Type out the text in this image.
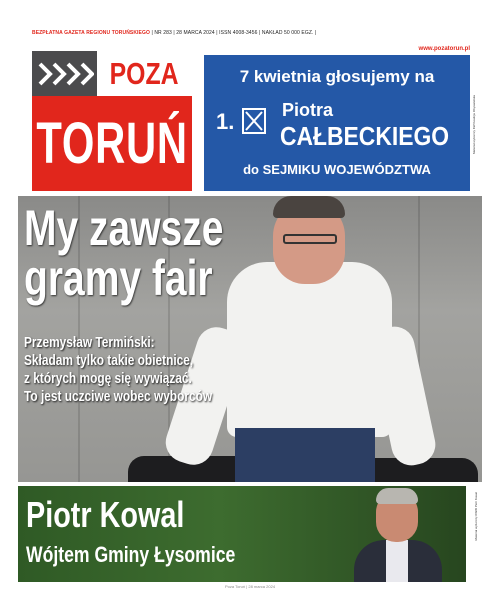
BEZPŁATNA GAZETA REGIONU TORUŃSKIEGO | NR 283 | 28 MARCA 2024 | ISSN 4008-3456 | NAKŁAD 50 000 EGZ. |
POZA
TORUŃ
www.pozatorun.pl
7 kwietnia głosujemy na
1.	Piotra
CAŁBECKIEGO
do SEJMIKU WOJEWÓDZTWA
Materiał wyborczy KW Koalicja Obywatelska
My zawsze
gramy fair
Przemysław Termiński:
Składam tylko takie obietnice,
z których mogę się wywiązać.
To jest uczciwe wobec wyborców
Piotr Kowal
Wójtem Gminy Łysomice
Materiał wyborczy KWW Piotr Kowal
Poza Toruń | 28 marca 2024
